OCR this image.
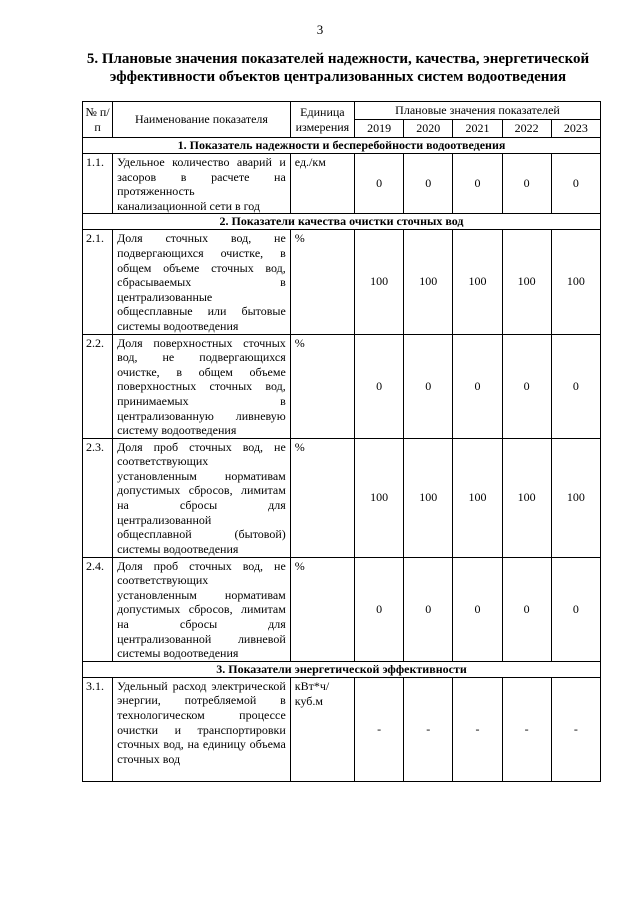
3
5. Плановые значения показателей надежности, качества, энергетической
эффективности объектов централизованных систем водоотведения
№ п/п	Наименование показателя	Единица измерения	Плановые значения показателей				
			2019	2020	2021	2022	2023
1. Показатель надежности и бесперебойности водоотведения							
1.1.	Удельное количество аварий и засоров в расчете на протяженность канализационной сети в год	ед./км	0	0	0	0	0
2. Показатели качества очистки сточных вод							
2.1.	Доля сточных вод, не подвергающихся очистке, в общем объеме сточных вод, сбрасываемых в централизованные общесплавные или бытовые системы водоотведения	%	100	100	100	100	100
2.2.	Доля поверхностных сточных вод, не подвергающихся очистке, в общем объеме поверхностных сточных вод, принимаемых в централизованную ливневую систему водоотведения	%	0	0	0	0	0
2.3.	Доля проб сточных вод, не соответствующих установленным нормативам допустимых сбросов, лимитам на сбросы для централизованной общесплавной (бытовой) системы водоотведения	%	100	100	100	100	100
2.4.	Доля проб сточных вод, не соответствующих установленным нормативам допустимых сбросов, лимитам на сбросы для централизованной ливневой системы водоотведения	%	0	0	0	0	0
3. Показатели энергетической эффективности							
3.1.	Удельный расход электрической энергии, потребляемой в технологическом процессе очистки и транспортировки сточных вод, на единицу объема сточных вод	кВт*ч/ куб.м	-	-	-	-	-
